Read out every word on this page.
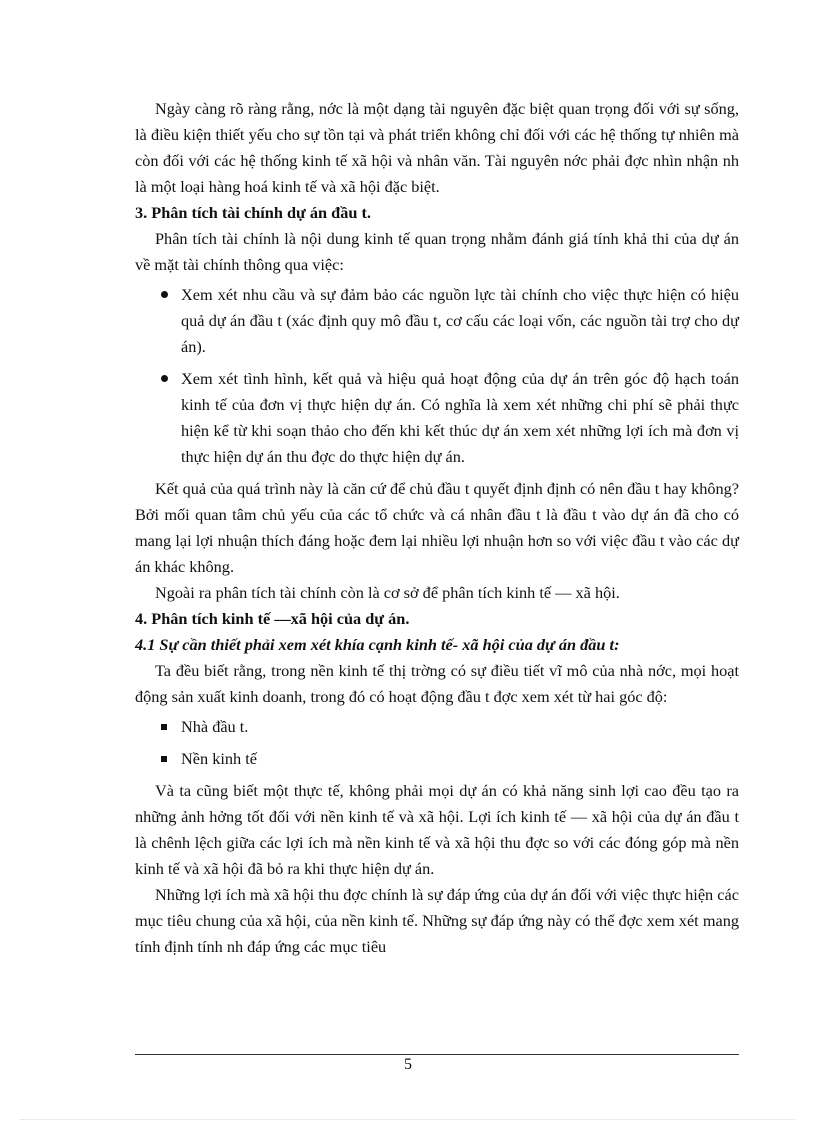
Ngày càng rõ ràng rằng, nớc là một dạng tài nguyên đặc biệt quan trọng đối với sự sống, là điều kiện thiết yếu cho sự tồn tại và phát triển không chỉ đối với các hệ thống tự nhiên mà còn đối với các hệ thống kinh tế xã hội và nhân văn. Tài nguyên nớc phải đợc nhìn nhận nh là một loại hàng hoá kinh tế và xã hội đặc biệt.

3. Phân tích tài chính dự án đầu t.

Phân tích tài chính là nội dung kinh tế quan trọng nhằm đánh giá tính khả thi của dự án về mặt tài chính thông qua việc:

Xem xét nhu cầu và sự đảm bảo các nguồn lực tài chính cho việc thực hiện có hiệu quả dự án đầu t (xác định quy mô đầu t, cơ cấu các loại vốn, các nguồn tài trợ cho dự án).
Xem xét tình hình, kết quả và hiệu quả hoạt động của dự án trên góc độ hạch toán kinh tế của đơn vị thực hiện dự án. Có nghĩa là xem xét những chi phí sẽ phải thực hiện kể từ khi soạn thảo cho đến khi kết thúc dự án xem xét những lợi ích mà đơn vị thực hiện dự án thu đợc do thực hiện dự án.

Kết quả của quá trình này là căn cứ để chủ đầu t quyết định định có nên đầu t hay không? Bởi mối quan tâm chủ yếu của các tổ chức và cá nhân đầu t là đầu t vào dự án đã cho có mang lại lợi nhuận thích đáng hoặc đem lại nhiều lợi nhuận hơn so với việc đầu t vào các dự án khác không.

Ngoài ra phân tích tài chính còn là cơ sở để phân tích kinh tế — xã hội.

4. Phân tích kinh tế —xã hội của dự án.

4.1 Sự cần thiết phải xem xét khía cạnh kinh tế- xã hội của dự án đầu t:

Ta đều biết rằng, trong nền kinh tế thị trờng có sự điều tiết vĩ mô của nhà nớc, mọi hoạt động sản xuất kinh doanh, trong đó có hoạt động đầu t đợc xem xét từ hai góc độ:

Nhà đầu t.
Nền kinh tế

Và ta cũng biết một thực tế, không phải mọi dự án có khả năng sinh lợi cao đều tạo ra những ảnh hởng tốt đối với nền kinh tế và xã hội. Lợi ích kinh tế — xã hội của dự án đầu t là chênh lệch giữa các lợi ích mà nền kinh tế và xã hội thu đợc so với các đóng góp mà nền kinh tế và xã hội đã bỏ ra khi thực hiện dự án.

Những lợi ích mà xã hội thu đợc chính là sự đáp ứng của dự án đối với việc thực hiện các mục tiêu chung của xã hội, của nền kinh tế. Những sự đáp ứng này có thể đợc xem xét mang tính định tính nh đáp ứng các mục tiêu

5
